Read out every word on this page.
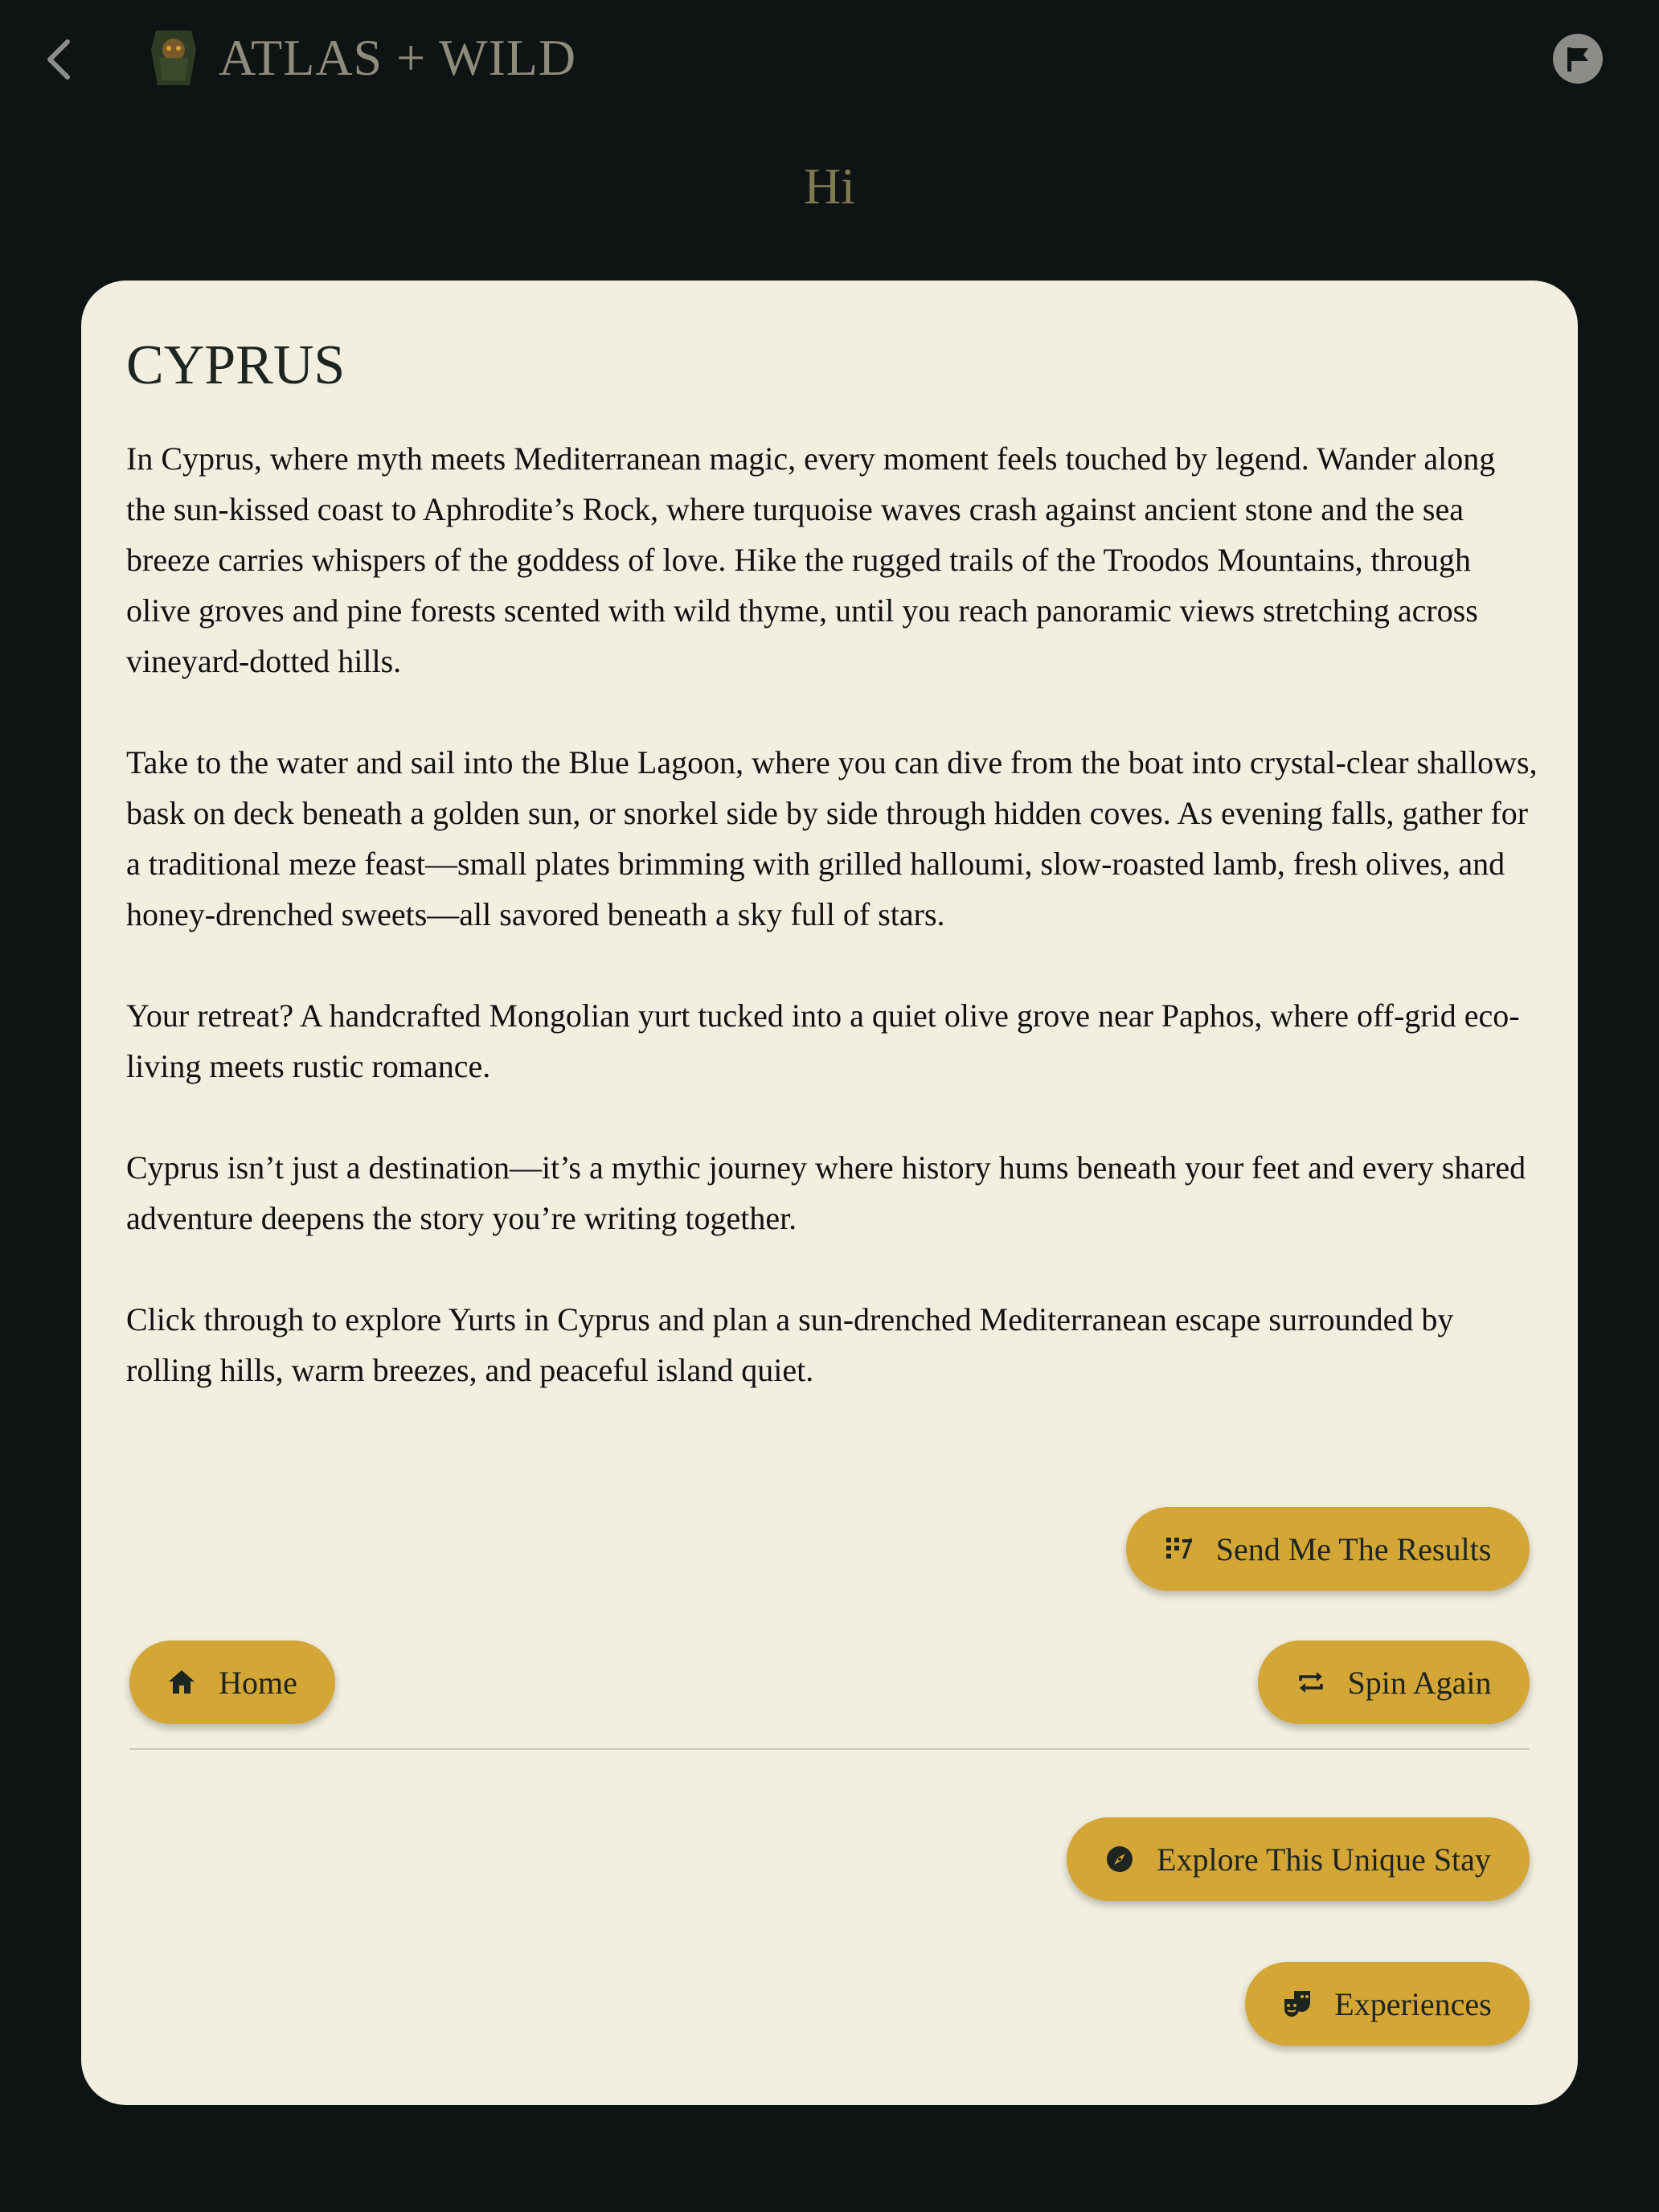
ATLAS + WILD
Hi
CYPRUS

In Cyprus, where myth meets Mediterranean magic, every moment feels touched by legend. Wander along the sun-kissed coast to Aphrodite’s Rock, where turquoise waves crash against ancient stone and the sea breeze carries whispers of the goddess of love. Hike the rugged trails of the Troodos Mountains, through olive groves and pine forests scented with wild thyme, until you reach panoramic views stretching across vineyard-dotted hills.

Take to the water and sail into the Blue Lagoon, where you can dive from the boat into crystal-clear shallows, bask on deck beneath a golden sun, or snorkel side by side through hidden coves. As evening falls, gather for a traditional meze feast—small plates brimming with grilled halloumi, slow-roasted lamb, fresh olives, and honey-drenched sweets—all savored beneath a sky full of stars.

Your retreat? A handcrafted Mongolian yurt tucked into a quiet olive grove near Paphos, where off-grid eco-living meets rustic romance.

Cyprus isn’t just a destination—it’s a mythic journey where history hums beneath your feet and every shared adventure deepens the story you’re writing together.

Click through to explore Yurts in Cyprus and plan a sun-drenched Mediterranean escape surrounded by rolling hills, warm breezes, and peaceful island quiet.

Send Me The Results
Home	Spin Again
Explore This Unique Stay
Experiences
